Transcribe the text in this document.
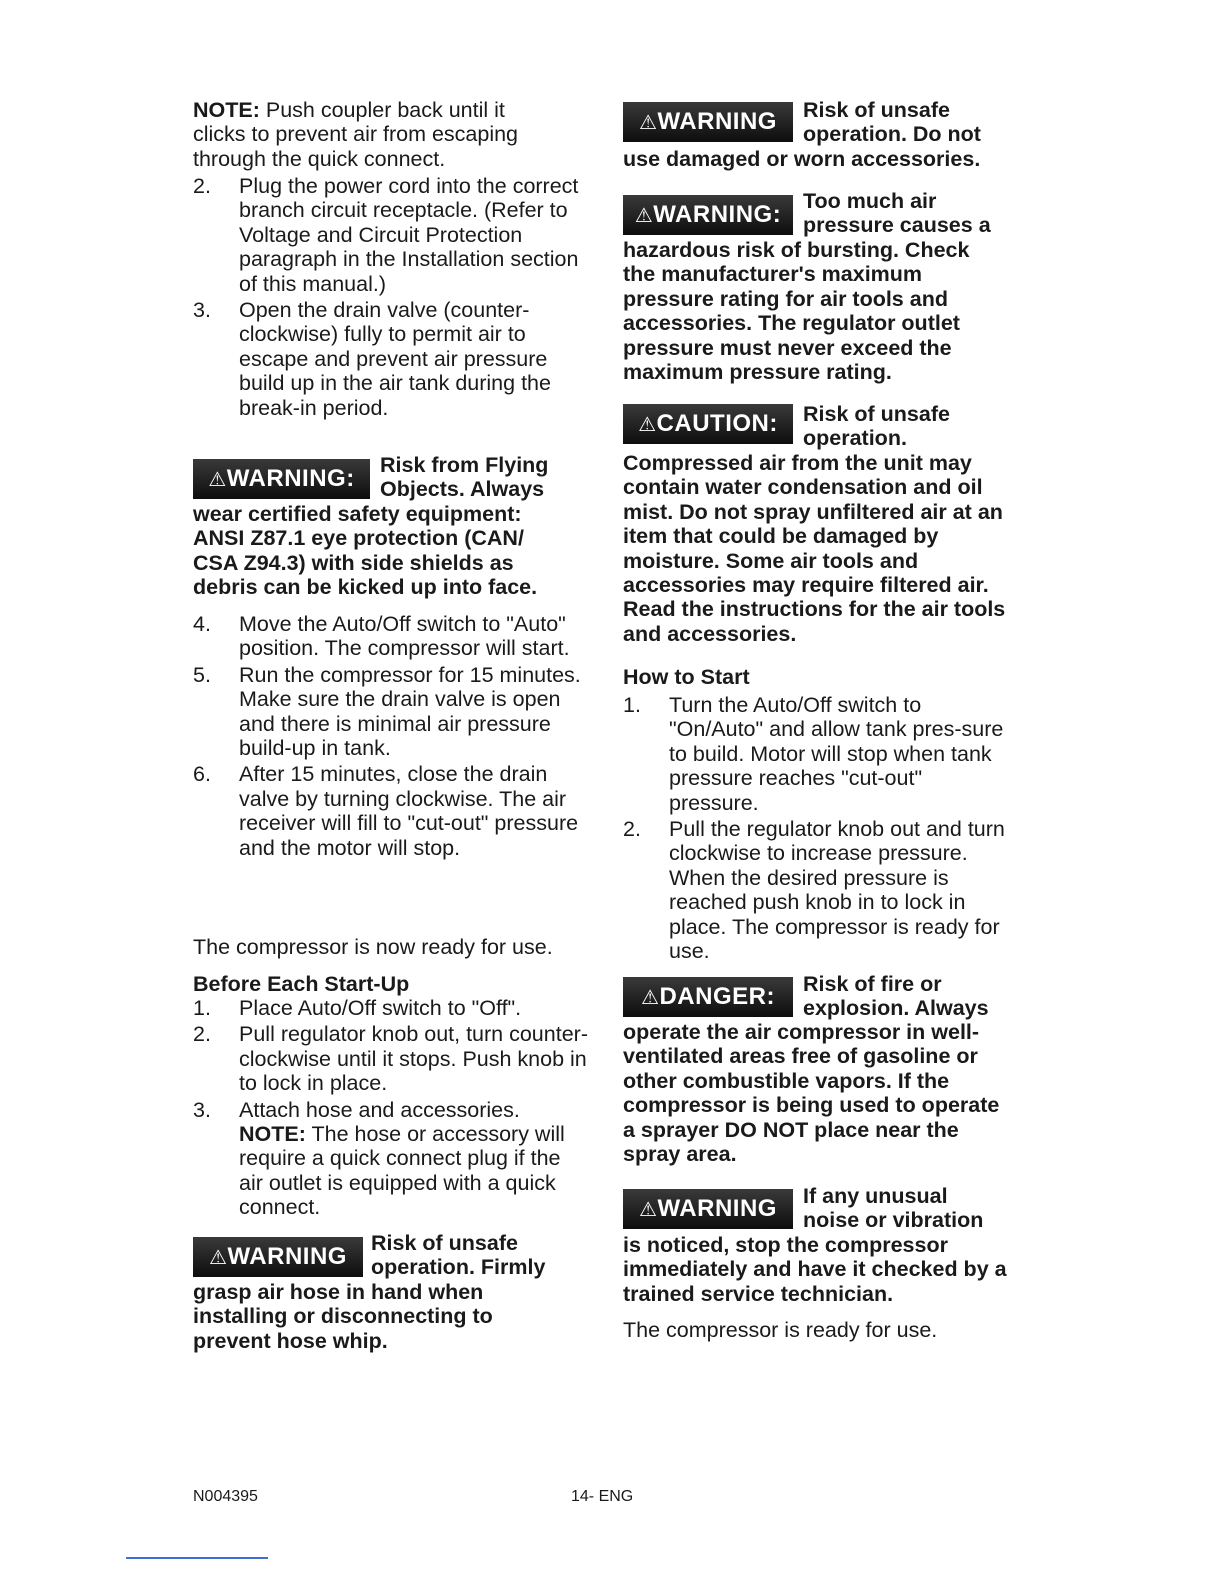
NOTE: Push coupler back until it clicks to prevent air from escaping through the quick connect.

2. Plug the power cord into the correct branch circuit receptacle. (Refer to Voltage and Circuit Protection paragraph in the Installation section of this manual.)
3. Open the drain valve (counter-clockwise) fully to permit air to escape and prevent air pressure build up in the air tank during the break-in period.
⚠WARNING:	Risk from Flying Objects. Always
wear certified safety equipment: ANSI Z87.1 eye protection (CAN/ CSA Z94.3) with side shields as debris can be kicked up into face.
4. Move the Auto/Off switch to "Auto" position. The compressor will start.
5. Run the compressor for 15 minutes. Make sure the drain valve is open and there is minimal air pressure build-up in tank.
6. After 15 minutes, close the drain valve by turning clockwise. The air receiver will fill to "cut-out" pressure and the motor will stop.

The compressor is now ready for use.

Before Each Start-Up

1. Place Auto/Off switch to "Off".
2. Pull regulator knob out, turn counter-clockwise until it stops. Push knob in to lock in place.
3. Attach hose and accessories.
NOTE: The hose or accessory will require a quick connect plug if the air outlet is equipped with a quick connect.
⚠WARNING	Risk of unsafe operation. Firmly
grasp air hose in hand when installing or disconnecting to prevent hose whip.
⚠WARNING	Risk of unsafe operation. Do not
use damaged or worn accessories.
⚠WARNING:	Too much air pressure causes a
hazardous risk of bursting. Check the manufacturer's maximum pressure rating for air tools and accessories. The regulator outlet pressure must never exceed the maximum pressure rating.
⚠CAUTION:	Risk of unsafe operation.
Compressed air from the unit may contain water condensation and oil mist. Do not spray unfiltered air at an item that could be damaged by moisture. Some air tools and accessories may require filtered air. Read the instructions for the air tools and accessories.

How to Start

1. Turn the Auto/Off switch to "On/Auto" and allow tank pres-sure to build. Motor will stop when tank pressure reaches "cut-out" pressure.
2. Pull the regulator knob out and turn clockwise to increase pressure. When the desired pressure is reached push knob in to lock in place. The compressor is ready for use.
⚠DANGER:	Risk of fire or explosion. Always
operate the air compressor in well-ventilated areas free of gasoline or other combustible vapors. If the compressor is being used to operate a sprayer DO NOT place near the spray area.
⚠WARNING	If any unusual noise or vibration
is noticed, stop the compressor immediately and have it checked by a trained service technician.

The compressor is ready for use.

N004395	14- ENG
